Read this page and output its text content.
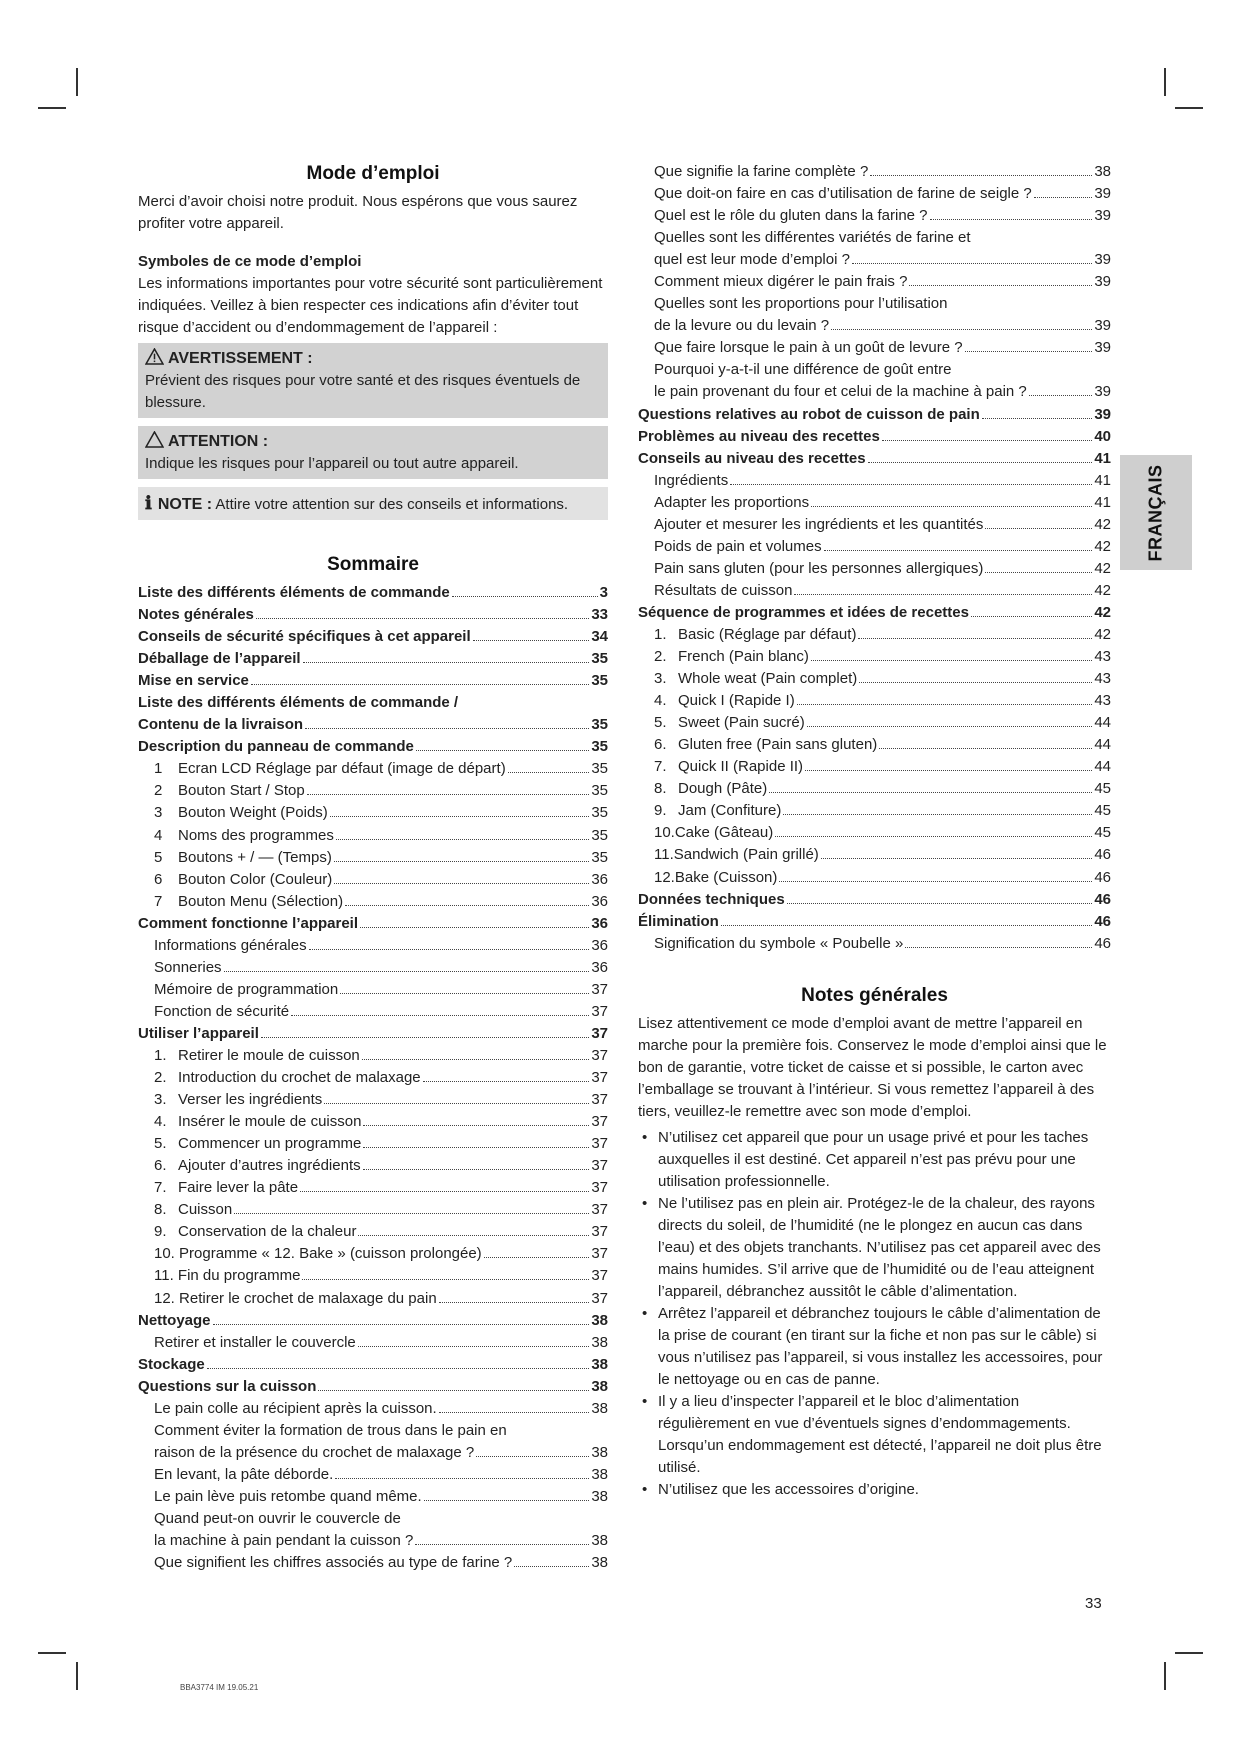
Mode d’emploi

Merci d’avoir choisi notre produit. Nous espérons que vous saurez profiter votre appareil.

Symboles de ce mode d’emploi

Les informations importantes pour votre sécurité sont particulièrement indiquées. Veillez à bien respecter ces indications afin d’éviter tout risque d’accident ou d’endommagement de l’appareil :

AVERTISSEMENT :
Prévient des risques pour votre santé et des risques éventuels de blessure.
ATTENTION :
Indique les risques pour l’appareil ou tout autre appareil.
ℹ NOTE : Attire votre attention sur des conseils et informations.
Sommaire
Liste des différents éléments de commande	3
Notes générales	33
Conseils de sécurité spécifiques à cet appareil	34
Déballage de l’appareil	35
Mise en service	35
Liste des différents éléments de commande /
Contenu de la livraison	35
Description du panneau de commande	35
1	Ecran LCD Réglage par défaut (image de départ)	35
2	Bouton Start / Stop	35
3	Bouton Weight (Poids)	35
4	Noms des programmes	35
5	Boutons + / — (Temps)	35
6	Bouton Color (Couleur)	36
7	Bouton Menu (Sélection)	36
Comment fonctionne l’appareil	36
Informations générales	36
Sonneries	36
Mémoire de programmation	37
Fonction de sécurité	37
Utiliser l’appareil	37
1. Retirer le moule de cuisson	37
2. Introduction du crochet de malaxage	37
3. Verser les ingrédients	37
4. Insérer le moule de cuisson	37
5. Commencer un programme	37
6. Ajouter d’autres ingrédients	37
7. Faire lever la pâte	37
8. Cuisson	37
9. Conservation de la chaleur	37
10. Programme « 12. Bake » (cuisson prolongée)	37
11. Fin du programme	37
12. Retirer le crochet de malaxage du pain	37
Nettoyage	38
Retirer et installer le couvercle	38
Stockage	38
Questions sur la cuisson	38
Le pain colle au récipient après la cuisson.	38
Comment éviter la formation de trous dans le pain en
raison de la présence du crochet de malaxage ?	38
En levant, la pâte déborde.	38
Le pain lève puis retombe quand même.	38
Quand peut-on ouvrir le couvercle de
la machine à pain pendant la cuisson ?	38
Que signifient les chiffres associés au type de farine ?	38
Que signifie la farine complète ?	38
Que doit-on faire en cas d’utilisation de farine de seigle ?	39
Quel est le rôle du gluten dans la farine ?	39
Quelles sont les différentes variétés de farine et
quel est leur mode d’emploi ?	39
Comment mieux digérer le pain frais ?	39
Quelles sont les proportions pour l’utilisation
de la levure ou du levain ?	39
Que faire lorsque le pain à un goût de levure ?	39
Pourquoi y-a-t-il une différence de goût entre
le pain provenant du four et celui de la machine à pain ?	39
Questions relatives au robot de cuisson de pain	39
Problèmes au niveau des recettes	40
Conseils au niveau des recettes	41
Ingrédients	41
Adapter les proportions	41
Ajouter et mesurer les ingrédients et les quantités	42
Poids de pain et volumes	42
Pain sans gluten (pour les personnes allergiques)	42
Résultats de cuisson	42
Séquence de programmes et idées de recettes	42
1. Basic (Réglage par défaut)	42
2. French (Pain blanc)	43
3. Whole weat (Pain complet)	43
4. Quick I (Rapide I)	43
5. Sweet (Pain sucré)	44
6. Gluten free (Pain sans gluten)	44
7. Quick II (Rapide II)	44
8. Dough (Pâte)	45
9. Jam (Confiture)	45
10.Cake (Gâteau)	45
11.Sandwich (Pain grillé)	46
12.Bake (Cuisson)	46
Données techniques	46
Élimination	46
Signification du symbole « Poubelle »	46
Notes générales

Lisez attentivement ce mode d’emploi avant de mettre l’appareil en marche pour la première fois. Conservez le mode d’emploi ainsi que le bon de garantie, votre ticket de caisse et si possible, le carton avec l’emballage se trouvant à l’intérieur. Si vous remettez l’appareil à des tiers, veuillez-le remettre avec son mode d’emploi.

• N’utilisez cet appareil que pour un usage privé et pour les taches auxquelles il est destiné. Cet appareil n’est pas prévu pour une utilisation professionnelle.
• Ne l’utilisez pas en plein air. Protégez-le de la chaleur, des rayons directs du soleil, de l’humidité (ne le plongez en aucun cas dans l’eau) et des objets tranchants. N’utilisez pas cet appareil avec des mains humides. S’il arrive que de l’humidité ou de l’eau atteignent l’appareil, débranchez aussitôt le câble d’alimentation.
• Arrêtez l’appareil et débranchez toujours le câble d’alimentation de la prise de courant (en tirant sur la fiche et non pas sur le câble) si vous n’utilisez pas l’appareil, si vous installez les accessoires, pour le nettoyage ou en cas de panne.
• Il y a lieu d’inspecter l’appareil et le bloc d’alimentation régulièrement en vue d’éventuels signes d’endommagements. Lorsqu’un endommagement est détecté, l’appareil ne doit plus être utilisé.
• N’utilisez que les accessoires d’origine.
FRANÇAIS
33
BBA3774 IM 19.05.21
